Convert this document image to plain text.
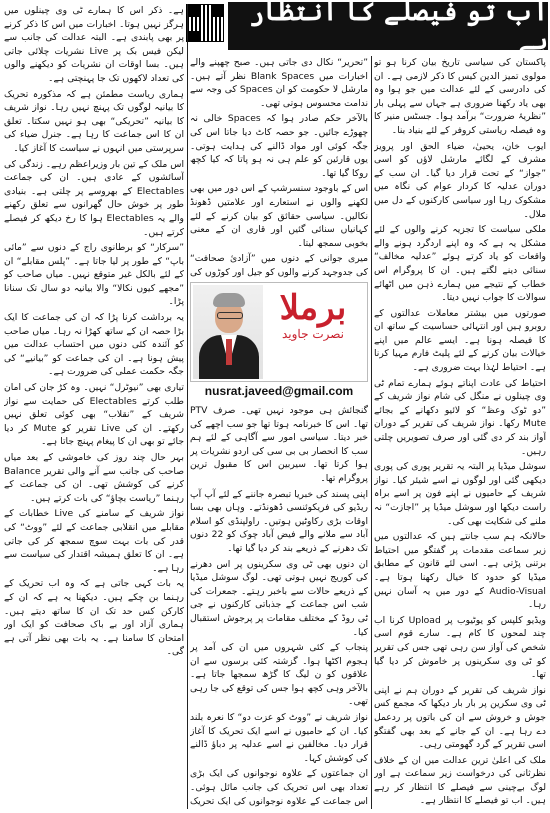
اب تو فیصلے کا انتظار ہے

پاکستان کی سیاسی تاریخ بیان کرنا ہو تو مولوی تمیز الدین کیس کا ذکر لازمی ہے۔ ان کی دادرسی کے لئے عدالت میں جو ہوا وہ بھی یاد رکھنا ضروری ہے جہاں سے پہلی بار ”نظریۂ ضرورت“ برآمد ہوا۔ جسٹس منیر کا وہ فیصلہ ریاستی کروفر کے لئے بنیاد بنا۔

ایوب خان، یحییٰ، ضیاء الحق اور پرویز مشرف کے لگائے مارشل لاؤں کو اسی ”جواز“ کے تحت قرار دیا گیا۔ ان سب کے دوران عدلیہ کا کردار عوام کی نگاہ میں مشکوک رہا اور سیاسی کارکنوں کے دل میں ملال۔

ملکی سیاست کا تجزیہ کرنے والوں کے لئے مشکل یہ ہے کہ وہ اپنے اردگرد ہونے والے واقعات کو یاد کرتے ہوئے ”عدلیہ مخالف“ سنائی دینے لگتے ہیں۔ ان کا پروگرام اس خطاب کے نتیجے میں ہمارے ذہن میں اٹھائے سوالات کا جواب نہیں دیتا۔

صورتوں میں بیشتر معاملات عدالتوں کے روبرو ہیں اور انتہائی حساسیت کے ساتھ ان کا فیصلہ ہونا ہے۔ ایسے عالم میں اپنے خیالات بیان کرنے کے لئے پلیٹ فارم مہیا کرنا ہے۔ احتیاط لہٰذا بہت ضروری ہے۔

احتیاط کی عادت اپناتے ہوئے ہمارے تمام ٹی وی چینلوں نے منگل کی شام نواز شریف کے ”دو ٹوک وعظ“ کو لائیو دکھانے کے بجائے Mute رکھا۔ نواز شریف کی تقریر کے دوران آواز بند کر دی گئی اور صرف تصویریں چلتی رہیں۔

سوشل میڈیا پر البتہ یہ تقریر پوری کی پوری دیکھی گئی اور لوگوں نے اسے شیئر کیا۔ نواز شریف کے حامیوں نے اپنے فون پر اسے براہ راست دیکھا اور سوشل میڈیا پر ”اجازت“ نہ ملنے کی شکایت بھی کی۔

حالانکہ ہم سب جانتے ہیں کہ عدالتوں میں زیر سماعت مقدمات پر گفتگو میں احتیاط برتنی پڑتی ہے۔ اسی لئے قانون کے مطابق میڈیا کو حدود کا خیال رکھنا ہوتا ہے۔ Audio-Visual کے دور میں یہ آسان نہیں رہا۔

ویڈیو کلپس کو یوٹیوب پر Upload کرنا اب چند لمحوں کا کام ہے۔ سارے قوم اسی شخص کی آواز سن رہی تھی جس کی تقریر کو ٹی وی سکرینوں پر خاموش کر دیا گیا تھا۔

نواز شریف کی تقریر کے دوران ہم نے اپنی ٹی وی سکرین پر بار بار دیکھا کہ مجمع کس جوش و خروش سے ان کی باتوں پر ردعمل دے رہا ہے۔ ان کے جانے کے بعد بھی گفتگو اسی تقریر کے گرد گھومتی رہی۔

ملک کی اعلیٰ ترین عدالت میں ان کے خلاف نظرثانی کی درخواست زیر سماعت ہے اور لوگ بےچینی سے فیصلے کا انتظار کر رہے ہیں۔ اب تو فیصلے کا انتظار ہے۔

”تحریر“ نکال دی جاتی ہیں۔ صبح چھپنے والے اخبارات میں Blank Spaces نظر آتے ہیں۔ مارشل لا حکومت کو ان Spaces کی وجہ سے ندامت محسوس ہوتی تھی۔

بالآخر حکم صادر ہوا کہ Spaces خالی نہ چھوڑے جائیں۔ جو حصہ کاٹ دیا جاتا اس کی جگہ کوئی اور مواد ڈالنے کی ہدایت ہوتی۔ یوں قارئین کو علم ہی نہ ہو پاتا کہ کیا کچھ روکا گیا تھا۔

اس کے باوجود سنسرشپ کے اس دور میں بھی لکھنے والوں نے استعارے اور علامتیں ڈھونڈ نکالیں۔ سیاسی حقائق کو بیان کرنے کے لئے کہانیاں سنائی گئیں اور قاری ان کے معنی بخوبی سمجھ لیتا۔

میری جوانی کے دنوں میں ”آزادیٔ صحافت“ کی جدوجہد کرنے والوں کو جیل اور کوڑوں کی

برملا
نصرت جاوید
nusrat.javeed@gmail.com

گنجائش ہی موجود نہیں تھی۔ صرف PTV تھا۔ اس کا خبرنامہ ہوتا تھا جو سب اچھے کی خبر دیتا۔ سیاسی امور سے آگاہی کے لئے ہم سب کا انحصار بی بی سی کی اردو نشریات پر ہوا کرتا تھا۔ سیربین اس کا مقبول ترین پروگرام تھا۔

اپنی پسند کی خبریا تبصرہ جاننے کے لئے آپ آپ ریڈیو کی فریکوئنسی ڈھونڈتے۔ وہاں بھی بسا اوقات بڑی رکاوٹیں ہوتیں۔ راولپنڈی کو اسلام آباد سے ملانے والے فیض آباد چوک کو 22 دنوں تک دھرنے کے ذریعے بند کر دیا گیا تھا۔

ان دنوں بھی ٹی وی سکرینوں پر اس دھرنے کی کوریج نہیں ہوتی تھی۔ لوگ سوشل میڈیا کے ذریعے حالات سے باخبر رہتے۔ جمعرات کی شب اس جماعت کے جذباتی کارکنوں نے جی ٹی روڈ کے مختلف مقامات پر پرجوش استقبال کیا۔

پنجاب کے کئی شہروں میں ان کی آمد پر ہجوم اکٹھا ہوا۔ گزشتہ کئی برسوں سے ان علاقوں کو ن لیگ کا گڑھ سمجھا جاتا ہے۔ بالآخر وہی کچھ ہوا جس کی توقع کی جا رہی تھی۔

نواز شریف نے ”ووٹ کو عزت دو“ کا نعرہ بلند کیا۔ ان کے حامیوں نے اسے ایک تحریک کا آغاز قرار دیا۔ مخالفین نے اسے عدلیہ پر دباؤ ڈالنے کی کوشش کہا۔

ان جماعتوں کے علاوہ نوجوانوں کی ایک بڑی تعداد بھی اس تحریک کی جانب مائل ہوئی۔ اس جماعت کے علاوہ نوجوانوں کی ایک تحریک

ہے۔ ذکر اس کا ہمارے ٹی وی چینلوں میں ہرگز نہیں ہوتا۔ اخبارات میں اس کا ذکر کرنے پر بھی پابندی ہے۔ البتہ عدالت کی جانب سے لیکن فیس بک پر Live نشریات چلائی جاتی ہیں۔ بسا اوقات ان نشریات کو دیکھنے والوں کی تعداد لاکھوں تک جا پہنچتی ہے۔

ہماری ریاست مطمئن ہے کہ مذکورہ تحریک کا بیانیہ لوگوں تک پہنچ نہیں رہا۔ نواز شریف کا بیانیہ ”تحریکی“ بھی ہو نہیں سکتا۔ تعلق ان کا اس جماعت کا رہا ہے۔ جنرل ضیاء کی سرپرستی میں انہوں نے سیاست کا آغاز کیا۔

اس ملک کے تین بار وزیراعظم رہے۔ زندگی کی آسائشوں کے عادی ہیں۔ ان کی جماعت Electables کے بھروسے پر چلتی ہے۔ بنیادی طور پر خوش حال گھرانوں سے تعلق رکھنے والے یہ Electables ہوا کا رخ دیکھ کر فیصلے کرتے ہیں۔

”سرکار“ کو برطانوی راج کے دنوں سے ”مائی باپ“ کے طور پر لیا جاتا ہے۔ ”پلس مقابلے“ ان کے لئے بالکل غیر متوقع نہیں۔ میاں صاحب کو ”مجھے کیوں نکالا“ والا بیانیہ دو سال تک سنانا پڑا۔

یہ برداشت کرنا پڑا کہ ان کی جماعت کا ایک بڑا حصہ ان کے ساتھ کھڑا نہ رہا۔ میاں صاحب کو آئندہ کئی دنوں میں احتساب عدالت میں پیش ہونا ہے۔ ان کی جماعت کو ”بیانیے“ کی جگہ حکمت عملی کی ضرورت ہے۔

تیاری بھی ”نیوٹرل“ نہیں۔ وہ کڑ جان کی امان طلب کرتے Electables کی حمایت سے نواز شریف کے ”نقلاب“ بھی کوئی تعلق نہیں رکھتے۔ ان کی Live تقریر کو Mute کر دیا جائے تو بھی ان کا پیغام پہنچ جاتا ہے۔

بہر حال چند روز کی خاموشی کے بعد میاں صاحب کی جانب سے آنے والی تقریر Balance کرنے کی کوشش تھی۔ ان کی جماعت کے رہنما ”ریاست بچاؤ“ کی بات کرتے ہیں۔

نواز شریف کے سامنے کی Live خطابات کے مقابلے میں انقلابی جماعت کے لئے ”ووٹ“ کی قدر کی بات بہت سوچ سمجھ کر کی جاتی ہے۔ ان کا تعلق ہمیشہ اقتدار کی سیاست سے رہا ہے۔

یہ بات کہی جاتی ہے کہ وہ اب تحریک کے رہنما بن چکے ہیں۔ دیکھنا یہ ہے کہ ان کے کارکن کس حد تک ان کا ساتھ دیتے ہیں۔ ہماری آزاد اور بے باک صحافت کو ایک اور امتحان کا سامنا ہے۔ یہ بات بھی نظر آتی ہے گی۔
